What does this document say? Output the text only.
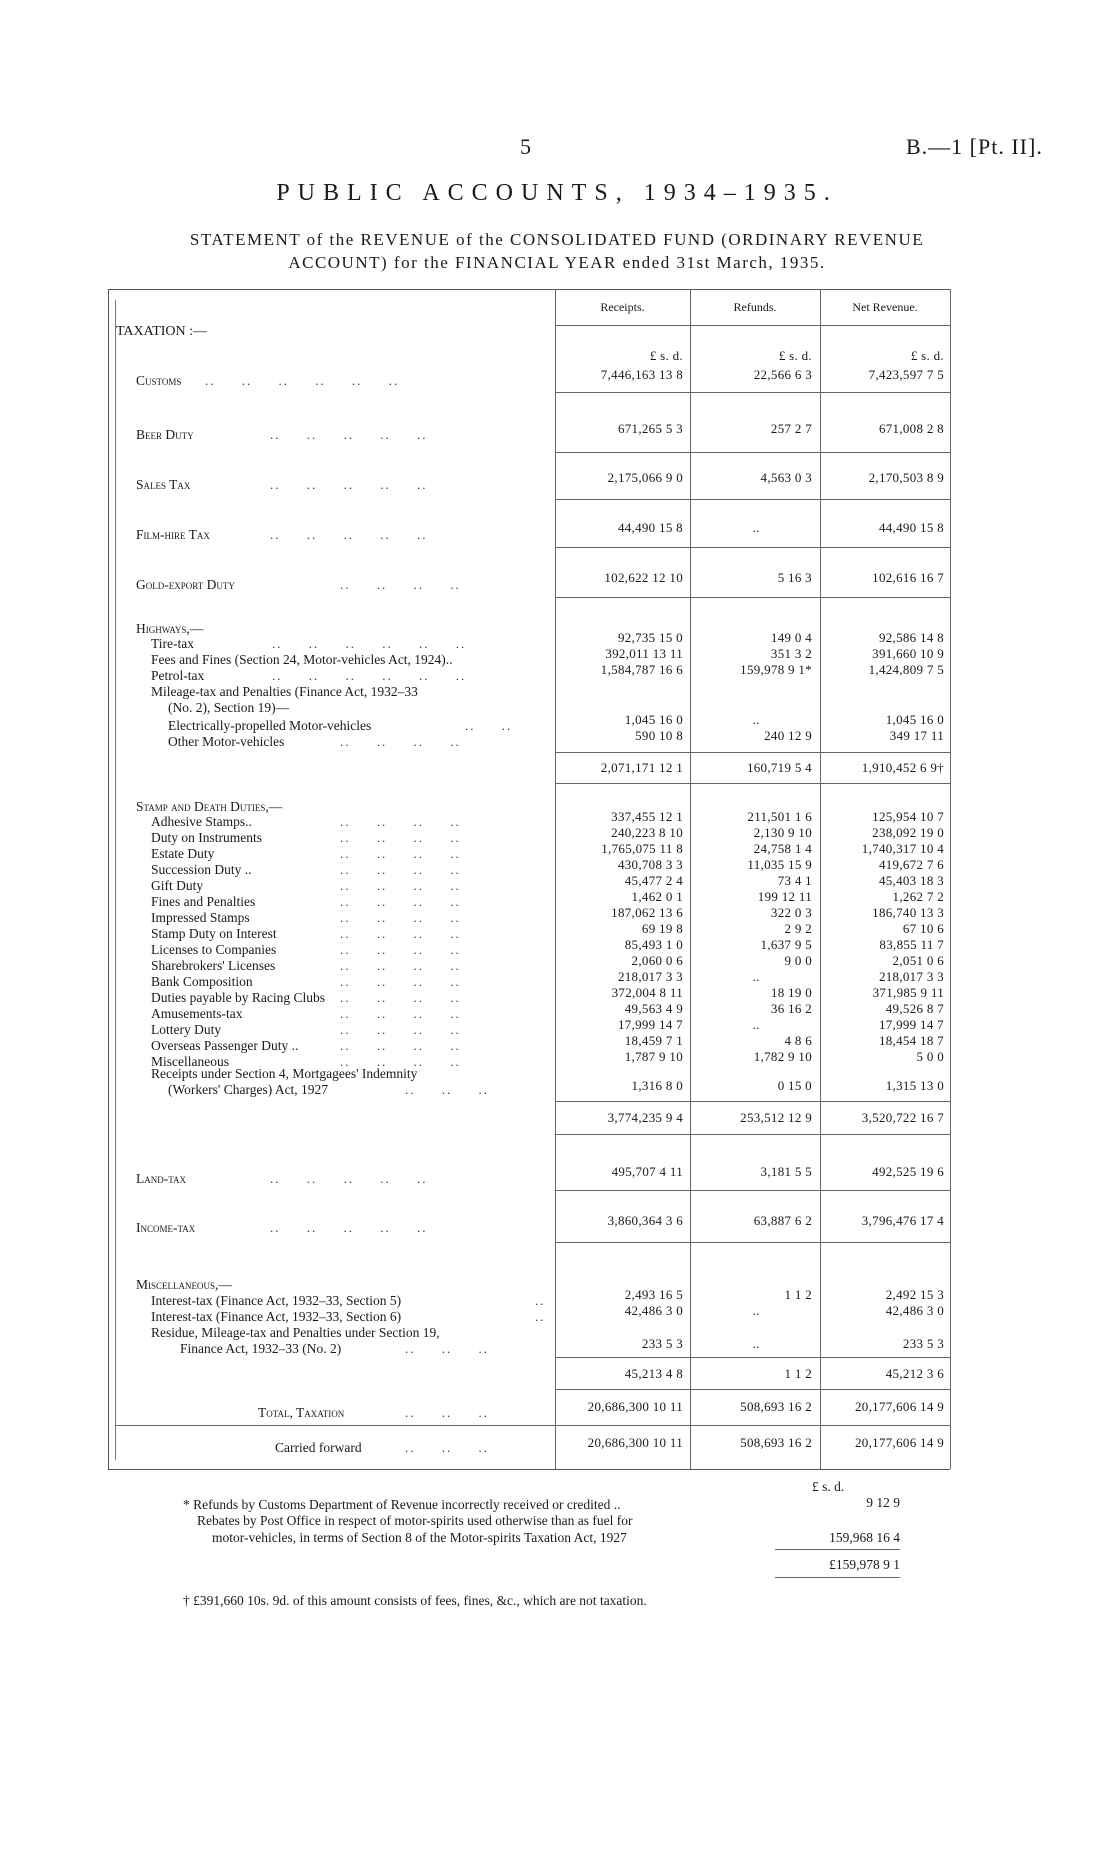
5	B.—1 [Pt. II].
PUBLIC ACCOUNTS, 1934–1935.
STATEMENT of the REVENUE of the CONSOLIDATED FUND (ORDINARY REVENUE
ACCOUNT) for the FINANCIAL YEAR ended 31st March, 1935.
Receipts.	Refunds.	Net Revenue.
£ s. d.	£ s. d.	£ s. d.
TAXATION :—
Customs ..     ..     ..     ..     ..     ..	7,446,163 13 8	22,566 6 3	7,423,597 7 5
Beer Duty	..     ..     ..     ..     ..	671,265 5 3	257 2 7	671,008 2 8
Sales Tax	..     ..     ..     ..     ..	2,175,066 9 0	4,563 0 3	2,170,503 8 9
Film-hire Tax	..     ..     ..     ..     ..	44,490 15 8	..	44,490 15 8
Gold-export Duty	..     ..     ..     ..	102,622 12 10	5 16 3	102,616 16 7
Highways,—
Tire-tax	..     ..     ..     ..     ..     ..	92,735 15 0	149 0 4	92,586 14 8
Fees and Fines (Section 24, Motor-vehicles Act, 1924)..	392,011 13 11	351 3 2	391,660 10 9
Petrol-tax	..     ..     ..     ..     ..     ..	1,584,787 16 6	159,978 9 1*	1,424,809 7 5
Mileage-tax and Penalties (Finance Act, 1932–33
(No. 2), Section 19)—
Electrically-propelled Motor-vehicles	..     ..	1,045 16 0	..	1,045 16 0
Other Motor-vehicles	..     ..     ..     ..	590 10 8	240 12 9	349 17 11
2,071,171 12 1	160,719 5 4	1,910,452 6 9†
Stamp and Death Duties,—
Adhesive Stamps..	..     ..     ..     ..	337,455 12 1	211,501 1 6	125,954 10 7
Duty on Instruments	..     ..     ..     ..	240,223 8 10	2,130 9 10	238,092 19 0
Estate Duty	..     ..     ..     ..	1,765,075 11 8	24,758 1 4	1,740,317 10 4
Succession Duty ..	..     ..     ..     ..	430,708 3 3	11,035 15 9	419,672 7 6
Gift Duty	..     ..     ..     ..	45,477 2 4	73 4 1	45,403 18 3
Fines and Penalties	..     ..     ..     ..	1,462 0 1	199 12 11	1,262 7 2
Impressed Stamps	..     ..     ..     ..	187,062 13 6	322 0 3	186,740 13 3
Stamp Duty on Interest	..     ..     ..     ..	69 19 8	2 9 2	67 10 6
Licenses to Companies	..     ..     ..     ..	85,493 1 0	1,637 9 5	83,855 11 7
Sharebrokers' Licenses	..     ..     ..     ..	2,060 0 6	9 0 0	2,051 0 6
Bank Composition	..     ..     ..     ..	218,017 3 3	..	218,017 3 3
Duties payable by Racing Clubs ..     ..     ..     ..	372,004 8 11	18 19 0	371,985 9 11
Amusements-tax	..     ..     ..     ..	49,563 4 9	36 16 2	49,526 8 7
Lottery Duty	..     ..     ..     ..	17,999 14 7	..	17,999 14 7
Overseas Passenger Duty ..	..     ..     ..     ..	18,459 7 1	4 8 6	18,454 18 7
Miscellaneous	..     ..     ..     ..	1,787 9 10	1,782 9 10	5 0 0
Receipts under Section 4, Mortgagees' Indemnity
(Workers' Charges) Act, 1927	..     ..     ..	1,316 8 0	0 15 0	1,315 13 0
3,774,235 9 4	253,512 12 9	3,520,722 16 7
Land-tax	..     ..     ..     ..     ..	495,707 4 11	3,181 5 5	492,525 19 6
Income-tax	..     ..     ..     ..     ..	3,860,364 3 6	63,887 6 2	3,796,476 17 4
Miscellaneous,—
Interest-tax (Finance Act, 1932–33, Section 5)	..	2,493 16 5	1 1 2	2,492 15 3
Interest-tax (Finance Act, 1932–33, Section 6)	..	42,486 3 0	..	42,486 3 0
Residue, Mileage-tax and Penalties under Section 19,
Finance Act, 1932–33 (No. 2)	..     ..     ..	233 5 3	..	233 5 3
45,213 4 8	1 1 2	45,212 3 6
Total, Taxation	..     ..     ..	20,686,300 10 11	508,693 16 2	20,177,606 14 9
Carried forward	..     ..     ..	20,686,300 10 11	508,693 16 2	20,177,606 14 9
£ s. d.
* Refunds by Customs Department of Revenue incorrectly received or credited ..	9 12 9
Rebates by Post Office in respect of motor-spirits used otherwise than as fuel for
motor-vehicles, in terms of Section 8 of the Motor-spirits Taxation Act, 1927	159,968 16 4
£159,978 9 1
† £391,660 10s. 9d. of this amount consists of fees, fines, &c., which are not taxation.
